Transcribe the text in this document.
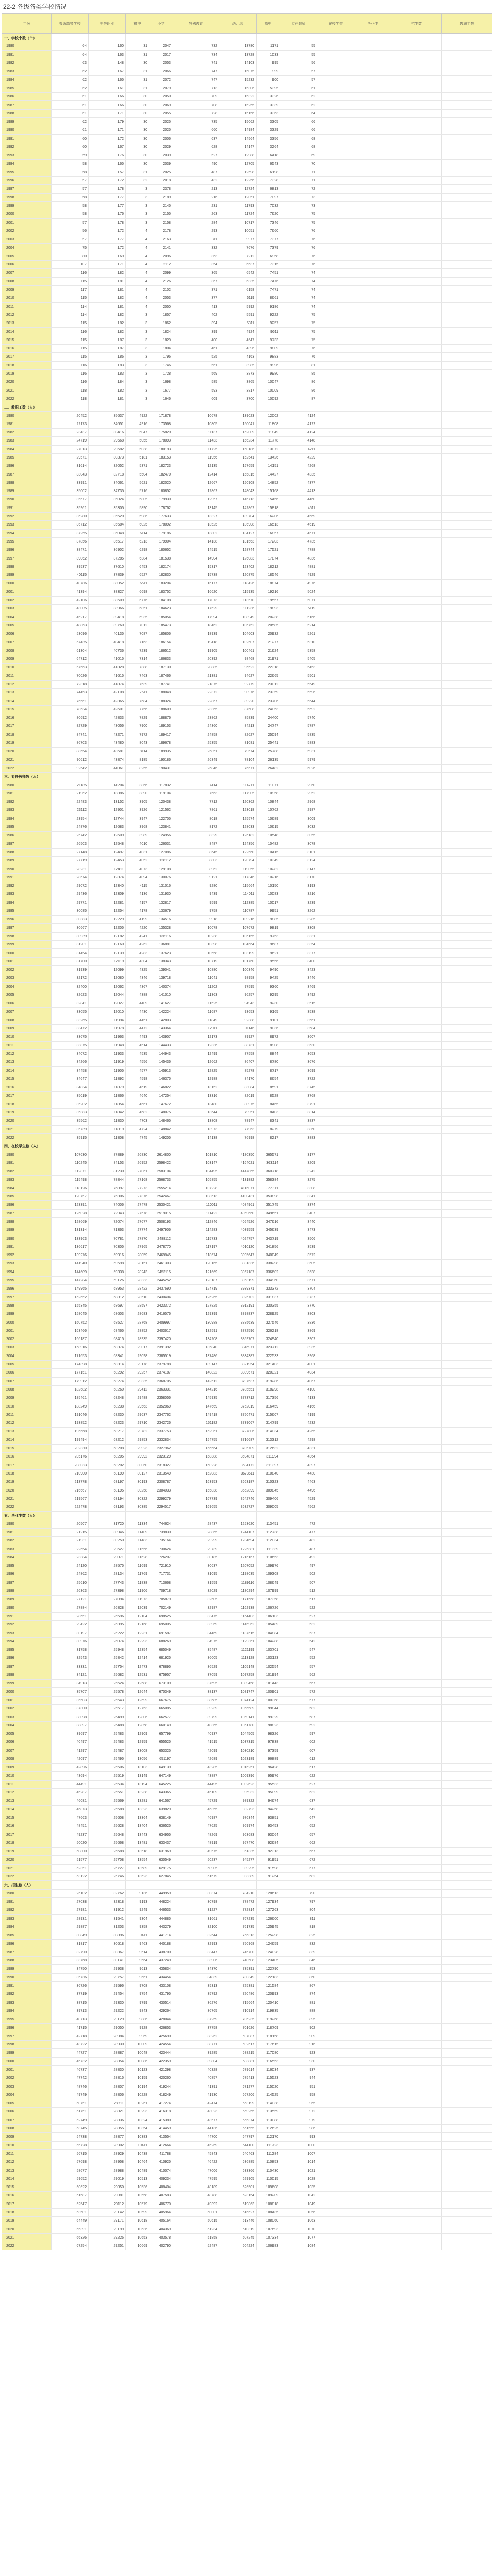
22-2 各级各类学校情况
年份	普通高等学校	中等职业	初中	小学	特殊教育	幼儿园	高中	专任教师	在校学生	毕业生	招生数	教职工数
一、学校个数（个）
1980	64	160	31	2047	732	13780	1171	55
1981	64	163	31	2017	734	13728	1033	55
1982	63	148	30	2053	741	14103	995	56
1983	62	167	31	2066	747	15075	999	57
1984	62	165	31	2072	747	15232	900	57
1985	62	161	31	2079	713	15306	5395	61
1986	61	166	30	2050	709	15322	3326	62
1987	61	166	30	2069	708	15255	3339	62
1988	61	171	30	2055	728	15156	3363	64
1989	62	179	30	2025	735	15062	3305	66
1990	61	171	30	2025	660	14984	3329	66
1991	60	172	30	2006	637	14564	3356	68
1992	60	167	30	2029	628	14147	3264	68
1993	59	176	30	2039	527	12988	6418	69
1994	58	165	30	2039	490	12705	6543	70
1995	58	157	31	2025	487	12598	6198	71
1996	57	172	32	2018	432	12256	7328	71
1997	57	178	3	2378	213	12724	6813	72
1998	58	177	3	2189	216	12051	7097	73
1999	58	177	3	2145	231	11793	7032	73
2000	58	176	3	2155	263	11724	7620	75
2001	57	178	3	2158	284	10717	7346	75
2002	56	172	4	2178	293	10051	7660	76
2003	57	177	4	2163	311	9977	7377	76
2004	75	172	4	2141	332	7676	7379	76
2005	80	169	4	2096	363	7212	6958	76
2006	107	171	4	2112	354	6637	7315	76
2007	116	182	4	2099	365	6542	7451	74
2008	115	181	4	2126	367	6335	7476	74
2009	117	181	4	2102	371	6158	7471	74
2010	115	182	4	2053	377	6119	8661	74
2011	114	181	4	2050	413	5992	9186	74
2012	114	182	3	1857	402	5591	9222	75
2013	115	182	3	1862	394	5311	9257	75
2014	116	182	3	1824	399	4924	9611	75
2015	115	187	3	1829	400	4647	9733	75
2016	115	187	3	1804	461	4396	9809	76
2017	115	186	3	1796	525	4163	9883	76
2018	116	183	3	1746	561	3985	9996	81
2019	116	183	3	1728	569	3873	9980	85
2020	116	184	3	1698	585	3865	10047	86
2021	118	182	3	1677	593	3817	10009	86
2022	118	181	3	1646	609	3700	10092	87
二、教职工数（人）
1980	20452	35637	4922	171878	10678	139023	12002	4124
1981	22173	34651	4916	173568	10805	150041	11808	4122
1982	23437	30416	5047	175820	11137	152009	11849	4124
1983	24719	29668	5055	178093	11433	156234	11778	4148
1984	27013	29682	5038	180193	11725	160186	13072	4211
1985	29571	30373	5181	183153	11956	162541	13426	4229
1986	31614	32052	5371	182723	12135	157659	14151	4268
1987	33043	32718	5504	182470	12414	155815	14427	4335
1988	33991	34061	5621	182020	12667	150908	14852	4377
1989	35002	34735	5716	180852	12862	148043	15168	4413
1990	35677	35024	5805	179930	12957	145713	15456	4460
1991	35961	35305	5890	178762	13145	142862	15818	4511
1992	36280	35520	5986	177633	13327	139704	16206	4569
1993	36712	35684	6025	178092	13525	136908	16513	4619
1994	37255	36048	6114	179186	13802	134127	16857	4671
1995	37856	36517	6213	179904	14138	131563	17203	4735
1996	38471	36902	6298	180652	14515	128744	17521	4788
1997	39062	37285	6384	181538	14904	126083	17874	4836
1998	39537	37610	6453	182174	15317	123402	18212	4881
1999	40115	37839	6527	182830	15738	120875	18546	4929
2000	40786	38052	6611	183204	16177	118426	18874	4976
2001	41394	38327	6698	183752	16620	115935	19216	5024
2002	42106	38609	6776	184108	17073	113570	19557	5071
2003	43005	38966	6851	184623	17529	111236	19893	5119
2004	45217	39418	6935	185054	17994	108949	20238	5166
2005	48863	39760	7012	185473	18462	106752	20585	5214
2006	53096	40135	7087	185806	18939	104603	20932	5261
2007	57435	40418	7163	186154	19418	102507	21277	5310
2008	61304	40736	7239	186512	19905	100461	21624	5358
2009	64712	41015	7314	186833	20392	98468	21971	5405
2010	67563	41328	7388	187130	20885	96522	22318	5453
2011	70026	41615	7463	187466	21381	94627	22665	5501
2012	72318	41874	7539	187741	21875	92779	23012	5549
2013	74453	42108	7611	188048	22372	90976	23359	5596
2014	76561	42365	7684	188324	22867	89220	23706	5644
2015	78634	42601	7756	188609	23365	87508	24053	5692
2016	80692	42833	7829	188876	23862	85839	24400	5740
2017	82729	43056	7900	189153	24360	84213	24747	5787
2018	84741	43271	7972	189417	24858	82627	25094	5835
2019	86703	43480	8043	189678	25355	81081	25441	5883
2020	88654	43681	8114	189935	25851	79574	25788	5931
2021	90612	43874	8185	190186	26349	78104	26135	5979
2022	92542	44061	8255	190431	26846	76671	26482	6026
三、专任教师数（人）
1980	21185	14204	3866	117832	7414	114711	11071	2960
1981	21962	13886	3890	119104	7563	117905	10958	2952
1982	22483	13152	3905	120438	7712	120362	10844	2968
1983	23112	12901	3926	121562	7861	123018	10762	2987
1984	23954	12744	3947	122705	8018	125574	10689	3009
1985	24876	12683	3968	123841	8172	128033	10615	3032
1986	25742	12609	3989	124956	8329	126182	10548	3055
1987	26503	12548	4010	126031	8487	124356	10482	3078
1988	27148	12497	4031	127086	8645	122560	10415	3101
1989	27719	12453	4052	128112	8803	120794	10349	3124
1990	28231	12411	4073	129108	8962	119055	10282	3147
1991	28674	12374	4094	130076	9121	117346	10216	3170
1992	29072	12340	4115	131016	9280	115664	10150	3193
1993	29436	12309	4136	131930	9439	114011	10083	3216
1994	29771	12281	4157	132817	9599	112385	10017	3239
1995	30085	12254	4178	133679	9758	110787	9951	3262
1996	30383	12229	4199	134516	9918	109216	9885	3285
1997	30667	12205	4220	135328	10078	107672	9819	3308
1998	30939	12182	4241	136116	10238	106155	9753	3331
1999	31201	12160	4262	136881	10398	104664	9687	3354
2000	31454	12139	4283	137623	10558	103199	9621	3377
2001	31700	12119	4304	138343	10719	101760	9556	3400
2002	31939	12099	4325	139041	10880	100346	9490	3423
2003	32172	12080	4346	139718	11041	98958	9425	3446
2004	32400	12062	4367	140374	11202	97595	9360	3469
2005	32623	12044	4388	141010	11363	96257	9295	3492
2006	32841	12027	4409	141627	11525	94943	9230	3515
2007	33055	12010	4430	142224	11687	93653	9165	3538
2008	33265	11994	4451	142803	11849	92388	9101	3561
2009	33472	11978	4472	143364	12011	91146	9036	3584
2010	33675	11963	4493	143907	12173	89927	8972	3607
2011	33875	11948	4514	144433	12336	88731	8908	3630
2012	34072	11933	4535	144943	12499	87558	8844	3653
2013	34266	11919	4556	145436	12662	86407	8780	3676
2014	34458	11905	4577	145913	12825	85278	8717	3699
2015	34647	11892	4598	146375	12988	84170	8654	3722
2016	34834	11879	4619	146822	13152	83084	8591	3745
2017	35019	11866	4640	147254	13316	82019	8528	3768
2018	35202	11854	4661	147672	13480	80975	8465	3791
2019	35383	11842	4682	148075	13644	79951	8403	3814
2020	35562	11830	4703	148465	13808	78947	8341	3837
2021	35739	11819	4724	148842	13973	77963	8279	3860
2022	35915	11808	4745	149205	14138	76998	8217	3883
四、在校学生数（人）
1980	107630	87889	26830	2614800	101810	4180350	365571	3177
1981	110245	84153	26952	2598422	103147	4164021	363114	3209
1982	112871	81230	27061	2583104	104495	4147865	360718	3242
1983	115498	78844	27168	2568733	105855	4131882	358384	3275
1984	118126	76897	27273	2555214	107228	4116071	356111	3308
1985	120757	75306	27376	2542467	108613	4100431	353898	3341
1986	123391	74006	27478	2530421	110011	4084961	351745	3374
1987	126028	72943	27578	2519015	111422	4069660	349651	3407
1988	128669	72074	27677	2508193	112846	4054526	347616	3440
1989	131314	71363	27774	2497906	114283	4039559	345639	3473
1990	133963	70781	27870	2488112	115733	4024757	343719	3506
1991	136617	70305	27965	2478770	117197	4010120	341856	3539
1992	139276	69916	28059	2469845	118674	3995647	340049	3572
1993	141940	69598	28151	2461303	120165	3981336	338298	3605
1994	144609	69338	28243	2453115	121669	3967187	336602	3638
1995	147284	69126	28333	2445252	123187	3953199	334960	3671
1996	149965	68953	28422	2437690	124719	3939371	333372	3704
1997	152652	68812	28510	2430404	126265	3925702	331837	3737
1998	155345	68697	28597	2423372	127825	3912191	330355	3770
1999	158045	68603	28683	2416576	129399	3898837	328925	3803
2000	160752	68527	28768	2409997	130988	3885639	327546	3836
2001	163466	68465	28852	2403617	132591	3872596	326218	3869
2002	166187	68415	28935	2397420	134208	3859707	324940	3902
2003	168916	68374	29017	2391392	135840	3846971	323712	3935
2004	171653	68341	29098	2385519	137486	3834387	322533	3968
2005	174398	68314	29178	2379788	139147	3821954	321403	4001
2006	177151	68292	29257	2374187	140822	3809671	320321	4034
2007	179912	68274	29335	2368705	142512	3797537	319286	4067
2008	182682	68260	29412	2363331	144216	3785551	318298	4100
2009	185461	68248	29488	2358056	145935	3773712	317356	4133
2010	188249	68238	29563	2352869	147669	3762019	316459	4166
2011	191046	68230	29637	2347762	149418	3750471	315607	4199
2012	193852	68223	29710	2342726	151182	3739067	314799	4232
2013	196668	68217	29782	2337753	152961	3727806	314034	4265
2014	199494	68212	29853	2332834	154755	3716687	313312	4298
2015	202330	68208	29923	2327962	156564	3705709	312632	4331
2016	205176	68205	29992	2323129	158388	3694871	311994	4364
2017	208033	68202	30060	2318327	160228	3684172	311397	4397
2018	210900	68199	30127	2313549	162083	3673611	310840	4430
2019	213778	68197	30193	2308787	163953	3663187	310323	4463
2020	216667	68195	30258	2304033	165838	3652899	309845	4496
2021	219567	68194	30322	2299279	167739	3642746	309406	4529
2022	222478	68193	30385	2294517	169655	3632727	309005	4562
五、毕业生数（人）
1980	20507	31720	11334	744624	28437	1253620	113451	472
1981	21215	30946	11409	739830	28865	1244107	112738	477
1982	21931	30250	11483	735164	29299	1234694	112034	482
1983	22654	29627	11556	730624	29739	1225381	111339	487
1984	23384	29071	11628	726207	30185	1216167	110653	492
1985	24120	28575	11699	721910	30637	1207052	109976	497
1986	24862	28134	11769	717731	31095	1198035	109308	502
1987	25610	27743	11838	713668	31559	1189116	108649	507
1988	26363	27398	11906	709718	32029	1180294	107999	512
1989	27121	27094	11973	705879	32505	1171568	107358	517
1990	27884	26828	12039	702149	32987	1162938	106726	522
1991	28651	26596	12104	698525	33475	1154403	106103	527
1992	29422	26395	12168	695005	33969	1145962	105489	532
1993	30197	26222	12231	691587	34469	1137615	104884	537
1994	30976	26074	12293	688269	34975	1129361	104288	542
1995	31758	25948	12354	685049	35487	1121199	103701	547
1996	32543	25842	12414	681925	36005	1113128	103123	552
1997	33331	25754	12473	678895	36529	1105148	102554	557
1998	34121	25682	12531	675957	37059	1097258	101994	562
1999	34913	25624	12588	673109	37595	1089458	101443	567
2000	35707	25578	12644	670349	38137	1081747	100901	572
2001	36503	25543	12699	667675	38685	1074124	100368	577
2002	37300	25517	12753	665085	39239	1066589	99844	582
2003	38098	25499	12806	662577	39799	1059141	99329	587
2004	38897	25488	12858	660149	40365	1051780	98823	592
2005	39697	25483	12909	657799	40937	1044505	98326	597
2006	40497	25483	12959	655525	41515	1037315	97838	602
2007	41297	25487	13008	653325	42099	1030210	97359	607
2008	42097	25495	13056	651197	42689	1023189	96889	612
2009	42896	25506	13103	649139	43285	1016251	96428	617
2010	43694	25519	13149	647149	43887	1009396	95976	622
2011	44491	25534	13194	645225	44495	1002623	95533	627
2012	45287	25551	13238	643365	45109	995932	95099	632
2013	46081	25569	13281	641567	45729	989322	94674	637
2014	46873	25588	13323	639829	46355	982793	94258	642
2015	47663	25608	13364	638149	46987	976344	93851	647
2016	48451	25628	13404	636525	47625	969974	93453	652
2017	49237	25648	13443	634955	48269	963683	93064	657
2018	50020	25668	13481	633437	48919	957470	92684	662
2019	50800	25688	13518	631969	49575	951335	92313	667
2020	51577	25708	13554	630549	50237	945277	91951	672
2021	52351	25727	13589	629175	50905	939295	91598	677
2022	53122	25746	13623	627845	51579	933389	91254	682
六、招生数（人）
1980	26102	32762	9136	449959	30374	784210	128613	790
1981	27038	32318	9193	448224	30798	778472	127934	797
1982	27981	31912	9249	446533	31227	772814	127263	804
1983	28931	31541	9304	444885	31661	767235	126600	811
1984	29887	31203	9358	443279	32100	761735	125945	818
1985	30849	30896	9411	441714	32544	756313	125298	825
1986	31817	30618	9463	440188	32993	750968	124659	832
1987	32790	30367	9514	438700	33447	745700	124028	839
1988	33768	30141	9564	437249	33906	740508	123405	846
1989	34750	29938	9613	435834	34370	735391	122790	853
1990	35736	29757	9661	434454	34839	730349	122183	860
1991	36726	29596	9708	433108	35313	725381	121584	867
1992	37719	29454	9754	431795	35792	720486	120993	874
1993	38715	29330	9799	430514	36276	715664	120410	881
1994	39713	29222	9843	429264	36765	710914	119835	888
1995	40713	29129	9886	428044	37259	706235	119268	895
1996	41715	29050	9928	426853	37758	701626	118709	902
1997	42718	28984	9969	425690	38262	697087	118158	909
1998	43722	28930	10009	424554	38771	692617	117615	916
1999	44727	28887	10048	423444	39285	688215	117080	923
2000	45732	28854	10086	422359	39804	683881	116553	930
2001	46737	28830	10123	421298	40328	679614	116034	937
2002	47742	28815	10159	420260	40857	675413	115523	944
2003	48746	28807	10194	419244	41391	671277	115020	951
2004	49749	28806	10228	418249	41930	667206	114525	958
2005	50751	28811	10261	417274	42474	663199	114038	965
2006	51751	28821	10293	416318	43023	659255	113559	972
2007	52749	28836	10324	415380	43577	655374	113088	979
2008	53745	28855	10354	414459	44136	651555	112625	986
2009	54738	28877	10383	413554	44700	647797	112170	993
2010	55728	28902	10411	412664	45269	644100	111723	1000
2011	56715	28929	10438	411788	45843	640463	111284	1007
2012	57698	28958	10464	410925	46422	636885	110853	1014
2013	58677	28988	10489	410074	47006	633366	110430	1021
2014	59652	29019	10513	409234	47595	629905	110015	1028
2015	60622	29050	10536	408404	48189	626501	109608	1035
2016	61587	29081	10558	407583	48788	623154	109209	1042
2017	62547	29112	10579	406770	49392	619863	108818	1049
2018	63501	29142	10599	405964	50001	616627	108435	1056
2019	64449	29171	10618	405164	50615	613446	108060	1063
2020	65391	29199	10636	404369	51234	610319	107693	1070
2021	66326	29226	10653	403578	51858	607245	107334	1077
2022	67254	29251	10669	402790	52487	604224	106983	1084
